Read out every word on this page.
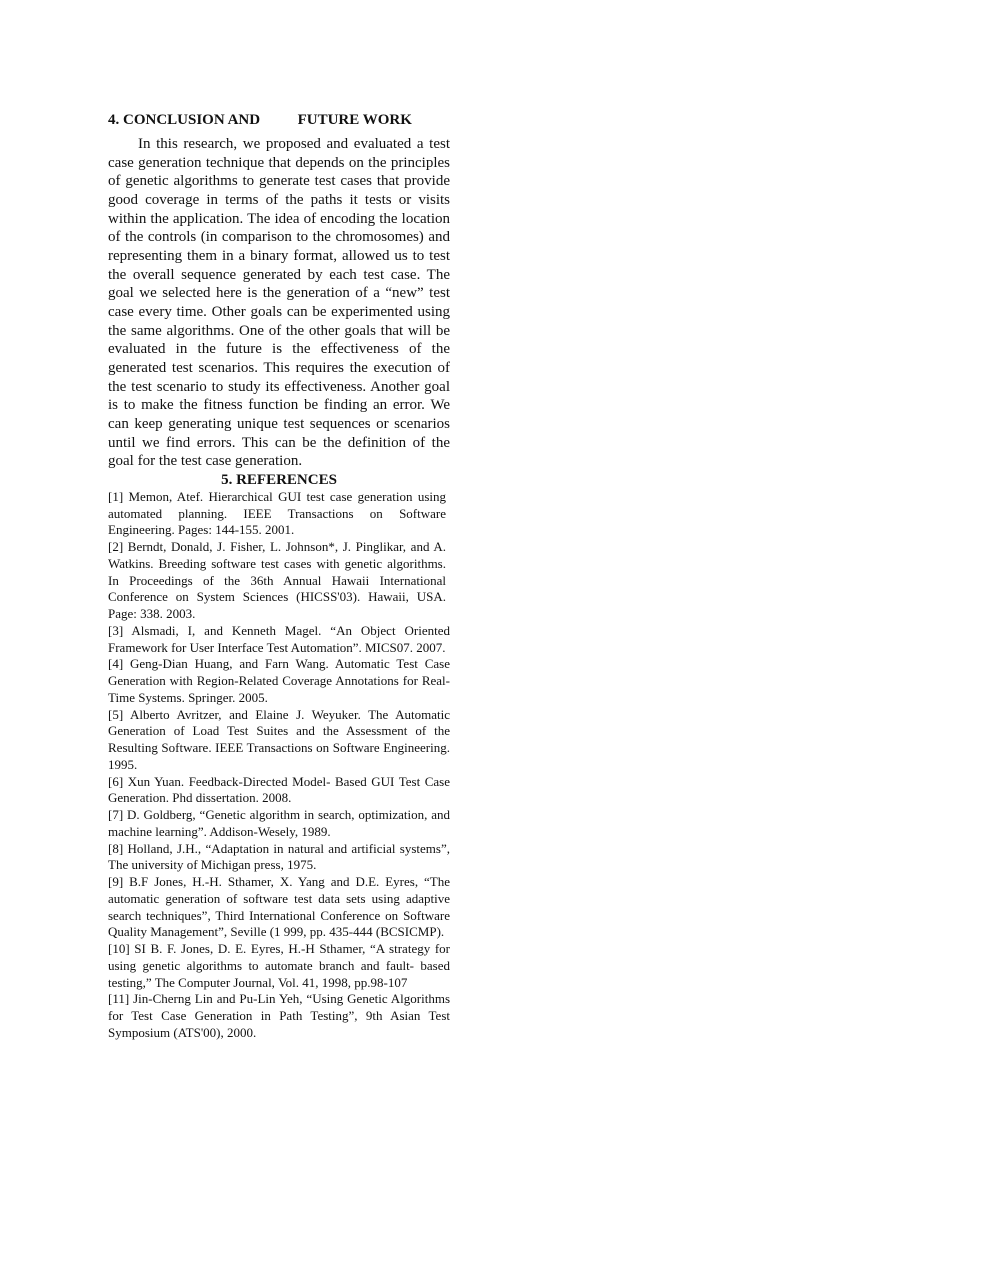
4. CONCLUSION AND          FUTURE WORK

In this research, we proposed and evaluated a test case generation technique that depends on the principles of genetic algorithms to generate test cases that provide good coverage in terms of the paths it tests or visits within the application. The idea of encoding the location of the controls (in comparison to the chromosomes) and representing them in a binary format, allowed us to test the overall sequence generated by each test case. The goal we selected here is the generation of a “new” test case every time. Other goals can be experimented using the same algorithms. One of the other goals that will be evaluated in the future is the effectiveness of the generated test scenarios. This requires the execution of the test scenario to study its effectiveness. Another goal is to make the fitness function be finding an error. We can keep generating unique test sequences or scenarios until we find errors. This can be the definition of the goal for the test case generation.

5. REFERENCES
[1] Memon, Atef. Hierarchical GUI test case generation using automated planning. IEEE Transactions on Software Engineering. Pages: 144-155. 2001.
[2] Berndt, Donald, J. Fisher, L. Johnson*, J. Pinglikar, and A. Watkins. Breeding software test cases with genetic algorithms. In Proceedings of the 36th Annual Hawaii International Conference on System Sciences (HICSS'03). Hawaii, USA. Page: 338. 2003.
[3] Alsmadi, I, and Kenneth Magel. “An Object Oriented Framework for User Interface Test Automation”. MICS07. 2007.
[4] Geng-Dian Huang, and Farn Wang. Automatic Test Case Generation with Region-Related Coverage Annotations for Real-Time Systems. Springer. 2005.
[5] Alberto Avritzer, and Elaine J. Weyuker. The Automatic Generation of Load Test Suites and the Assessment of the Resulting Software. IEEE Transactions on Software Engineering. 1995.
[6] Xun Yuan. Feedback-Directed Model- Based GUI Test Case Generation. Phd dissertation. 2008.
[7] D. Goldberg, “Genetic algorithm in search, optimization, and machine learning”. Addison-Wesely, 1989.
[8] Holland, J.H., “Adaptation in natural and artificial systems”, The university of Michigan press, 1975.
[9] B.F Jones, H.-H. Sthamer, X. Yang and D.E. Eyres, “The automatic generation of software test data sets using adaptive search techniques”, Third International Conference on Software Quality Management”, Seville (1 999, pp. 435-444 (BCSICMP).
[10] SI B. F. Jones, D. E. Eyres, H.-H Sthamer, “A strategy for using genetic algorithms to automate branch and fault- based testing,” The Computer Journal, Vol. 41, 1998, pp.98-107
[11] Jin-Cherng Lin and Pu-Lin Yeh, “Using Genetic Algorithms for Test Case Generation in Path Testing”, 9th Asian Test Symposium (ATS'00), 2000.
